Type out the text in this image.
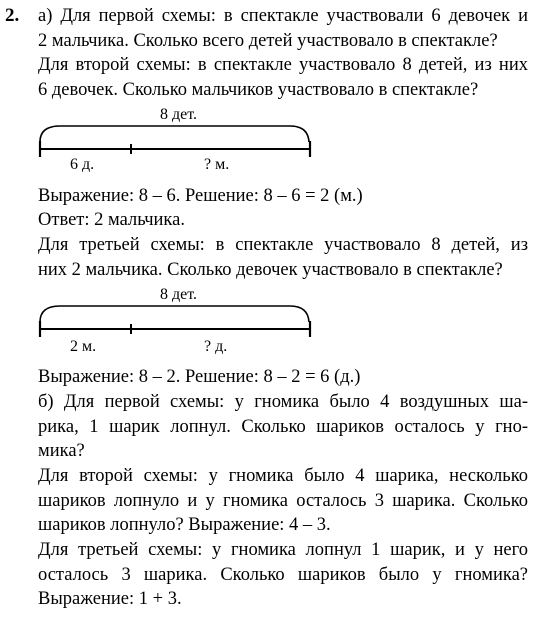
2. а) Для первой схемы: в спектакле участвовали 6 девочек и
2 мальчика. Сколько всего детей участвовало в спектакле?
Для второй схемы: в спектакле участвовало 8 детей, из них
6 девочек. Сколько мальчиков участвовало в спектакле?
8 дет.
6 д.	? м.
Выражение: 8 – 6. Решение: 8 – 6 = 2 (м.)
Ответ: 2 мальчика.
Для третьей схемы: в спектакле участвовало 8 детей, из
них 2 мальчика. Сколько девочек участвовало в спектакле?
8 дет.
2 м.	? д.
Выражение: 8 – 2. Решение: 8 – 2 = 6 (д.)
б) Для первой схемы: у гномика было 4 воздушных ша-
рика, 1 шарик лопнул. Сколько шариков осталось у гно-
мика?
Для второй схемы: у гномика было 4 шарика, несколько
шариков лопнуло и у гномика осталось 3 шарика. Сколько
шариков лопнуло? Выражение: 4 – 3.
Для третьей схемы: у гномика лопнул 1 шарик, и у него
осталось 3 шарика. Сколько шариков было у гномика?
Выражение: 1 + 3.
